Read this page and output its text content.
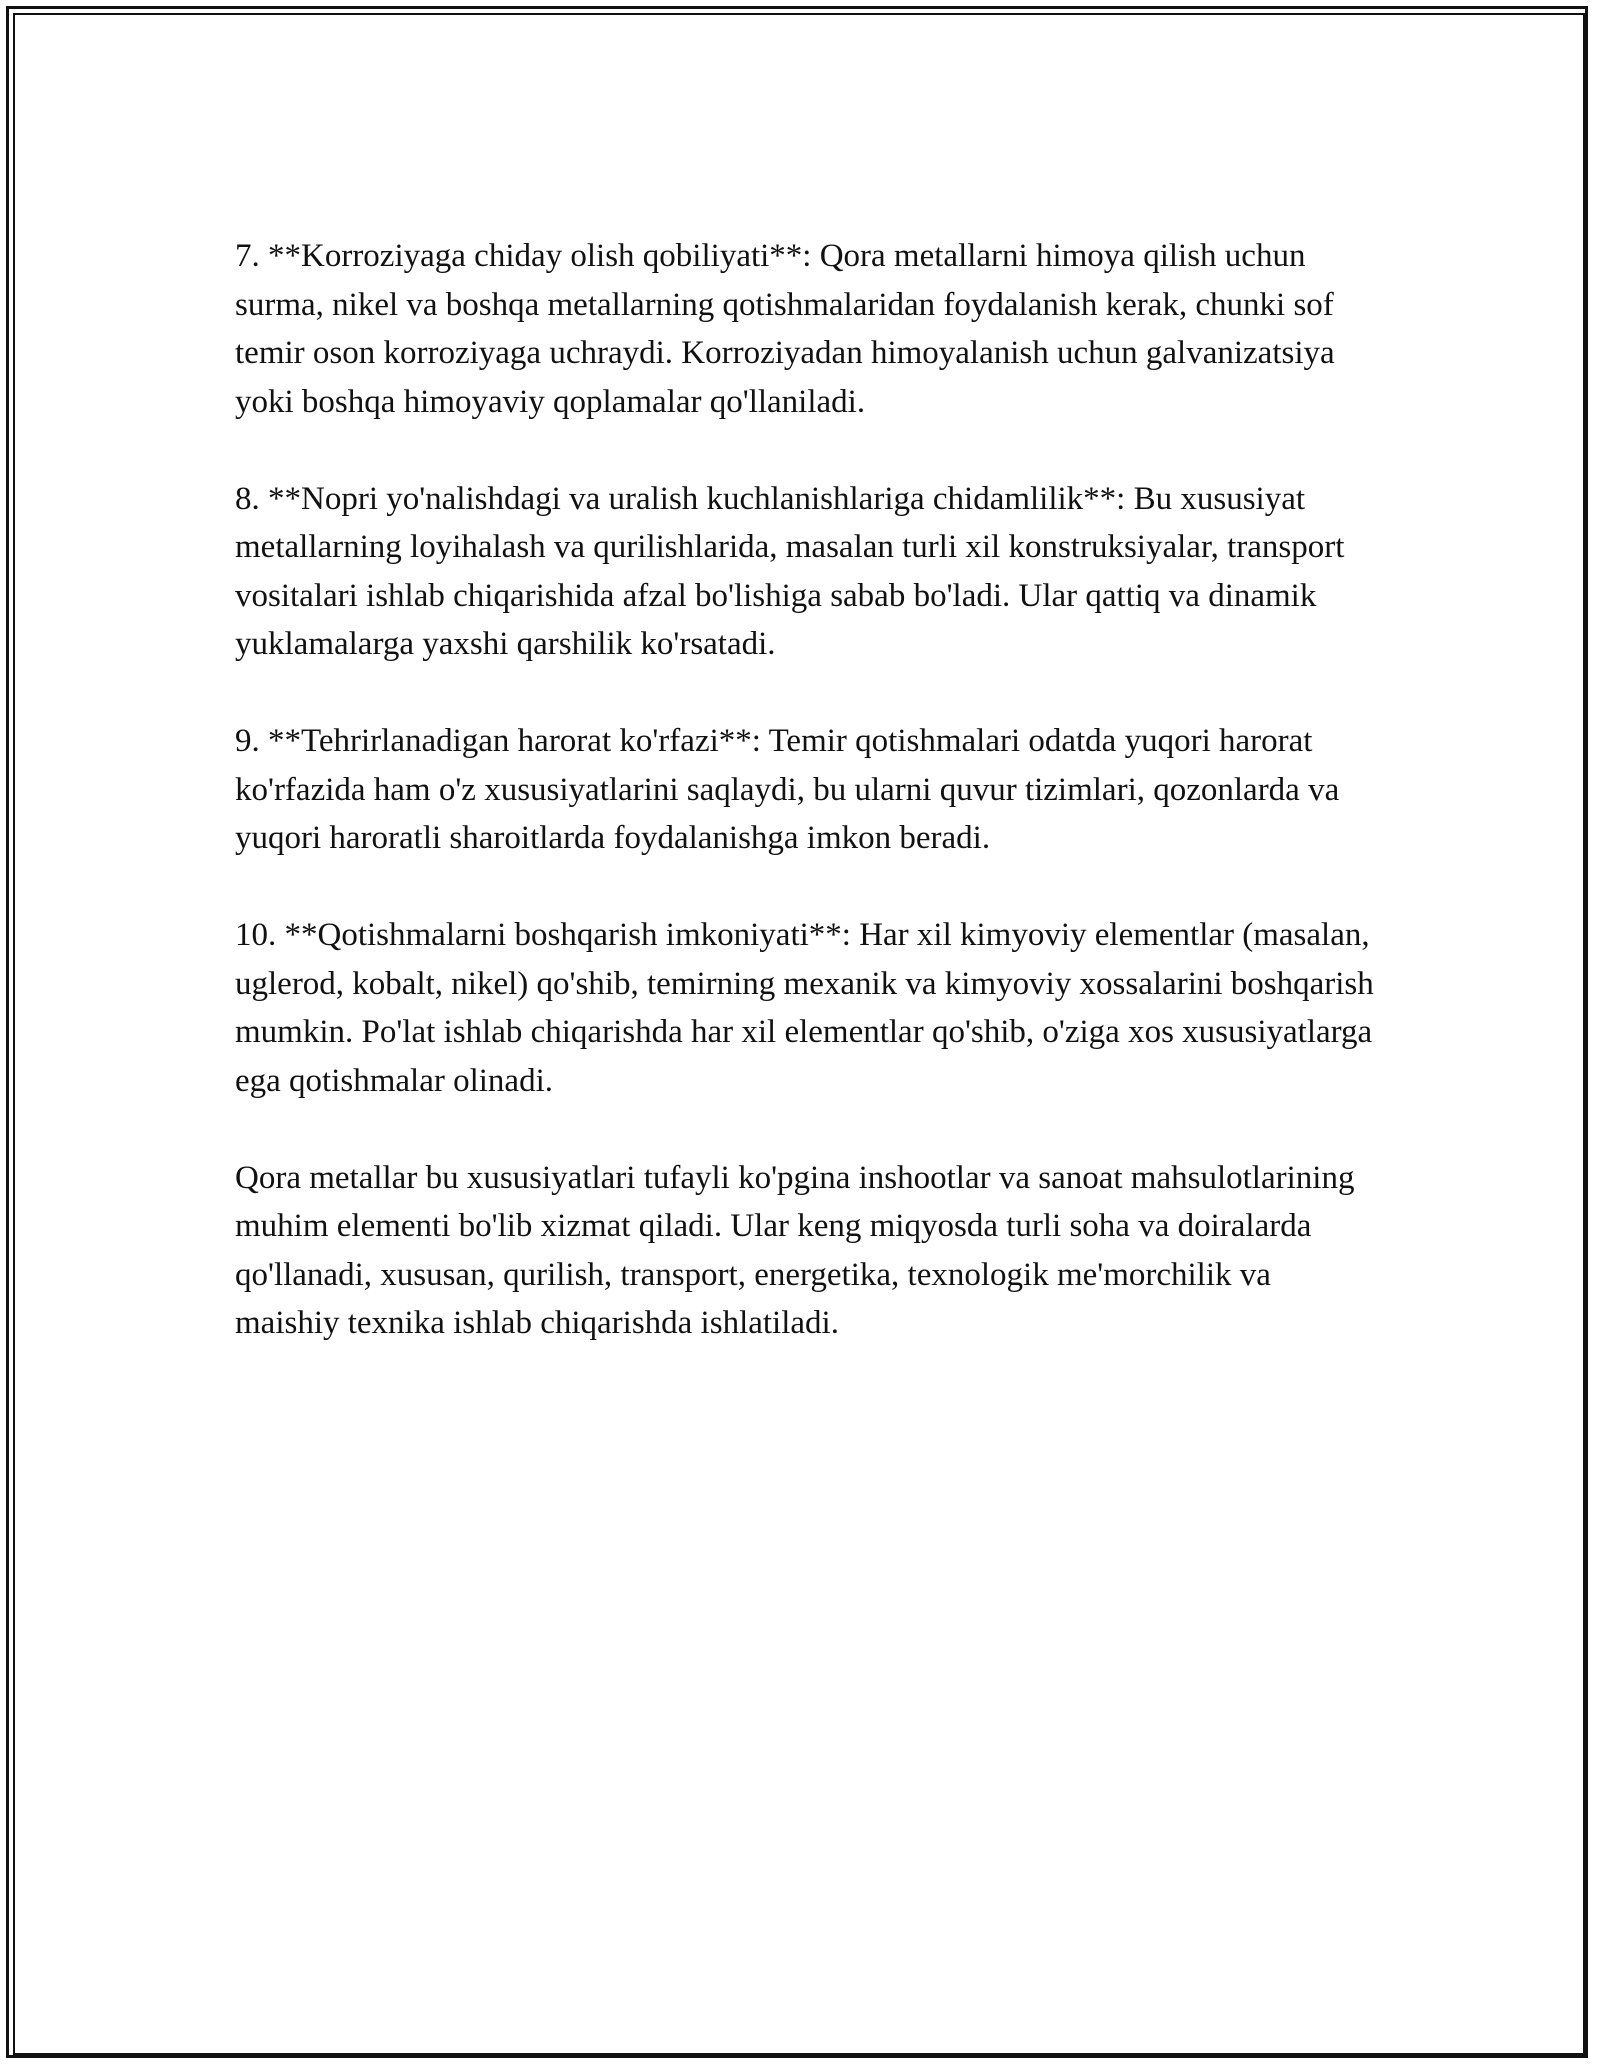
7. **Korroziyaga chiday olish qobiliyati**: Qora metallarni himoya qilish uchun surma, nikel va boshqa metallarning qotishmalaridan foydalanish kerak, chunki sof temir oson korroziyaga uchraydi. Korroziyadan himoyalanish uchun galvanizatsiya yoki boshqa himoyaviy qoplamalar qo'llaniladi.

8. **Nopri yo'nalishdagi va uralish kuchlanishlariga chidamlilik**: Bu xususiyat metallarning loyihalash va qurilishlarida, masalan turli xil konstruksiyalar, transport vositalari ishlab chiqarishida afzal bo'lishiga sabab bo'ladi. Ular qattiq va dinamik yuklamalarga yaxshi qarshilik ko'rsatadi.

9. **Tehrirlanadigan harorat ko'rfazi**: Temir qotishmalari odatda yuqori harorat ko'rfazida ham o'z xususiyatlarini saqlaydi, bu ularni quvur tizimlari, qozonlarda va yuqori haroratli sharoitlarda foydalanishga imkon beradi.

10. **Qotishmalarni boshqarish imkoniyati**: Har xil kimyoviy elementlar (masalan, uglerod, kobalt, nikel) qo'shib, temirning mexanik va kimyoviy xossalarini boshqarish mumkin. Po'lat ishlab chiqarishda har xil elementlar qo'shib, o'ziga xos xususiyatlarga ega qotishmalar olinadi.

Qora metallar bu xususiyatlari tufayli ko'pgina inshootlar va sanoat mahsulotlarining muhim elementi bo'lib xizmat qiladi. Ular keng miqyosda turli soha va doiralarda qo'llanadi, xususan, qurilish, transport, energetika, texnologik me'morchilik va maishiy texnika ishlab chiqarishda ishlatiladi.
